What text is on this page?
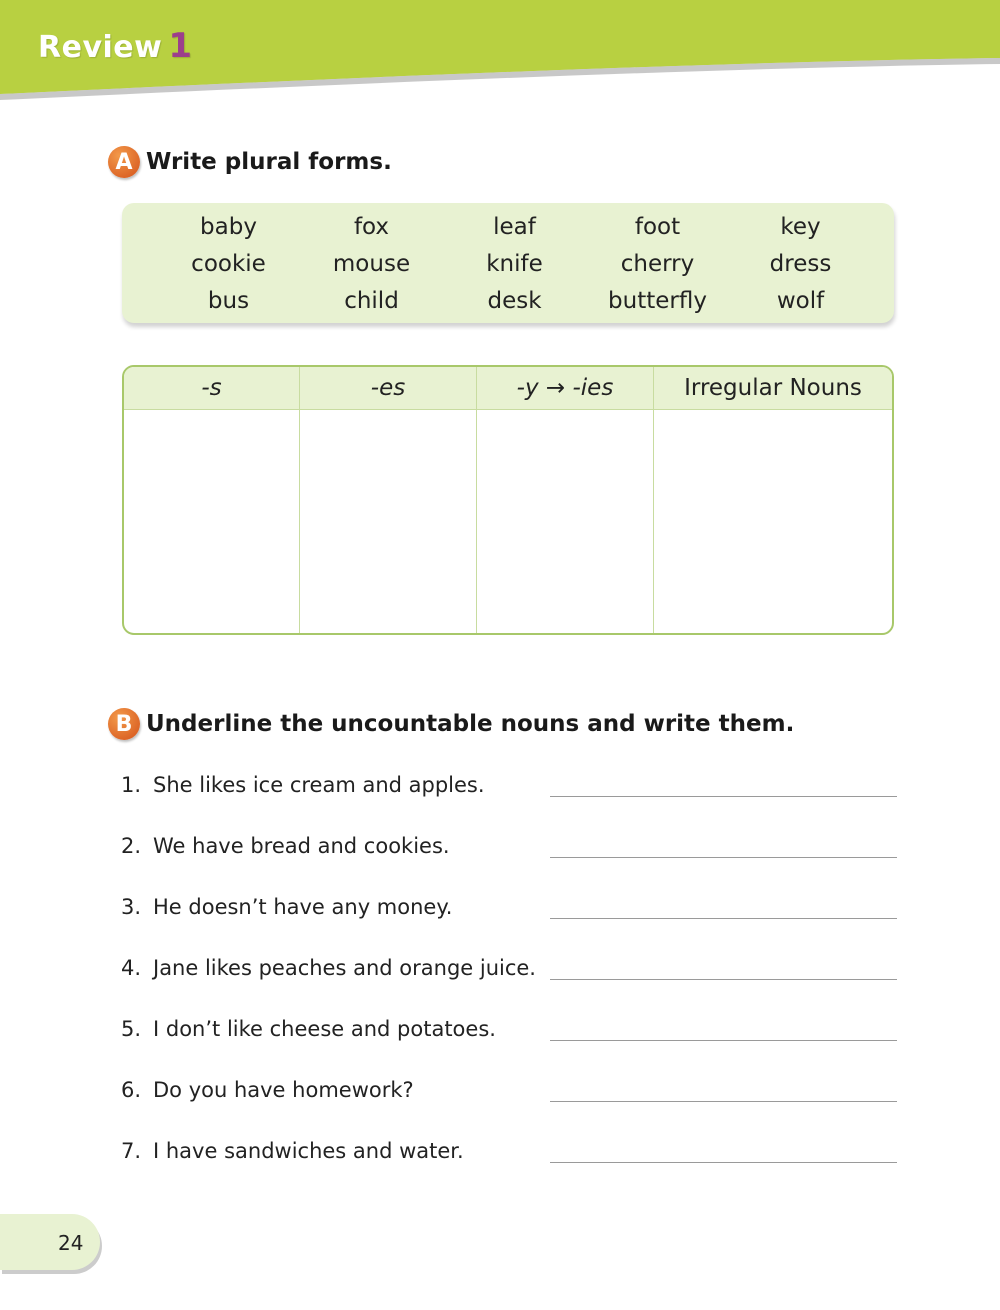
Review 1
A Write plural forms.
baby	fox	leaf	foot	key
cookie	mouse	knife	cherry	dress
bus	child	desk	butterfly	wolf
-s	-es	-y → -ies	Irregular Nouns
B Underline the uncountable nouns and write them.
1. She likes ice cream and apples.
2. We have bread and cookies.
3. He doesn’t have any money.
4. Jane likes peaches and orange juice.
5. I don’t like cheese and potatoes.
6. Do you have homework?
7. I have sandwiches and water.
24
